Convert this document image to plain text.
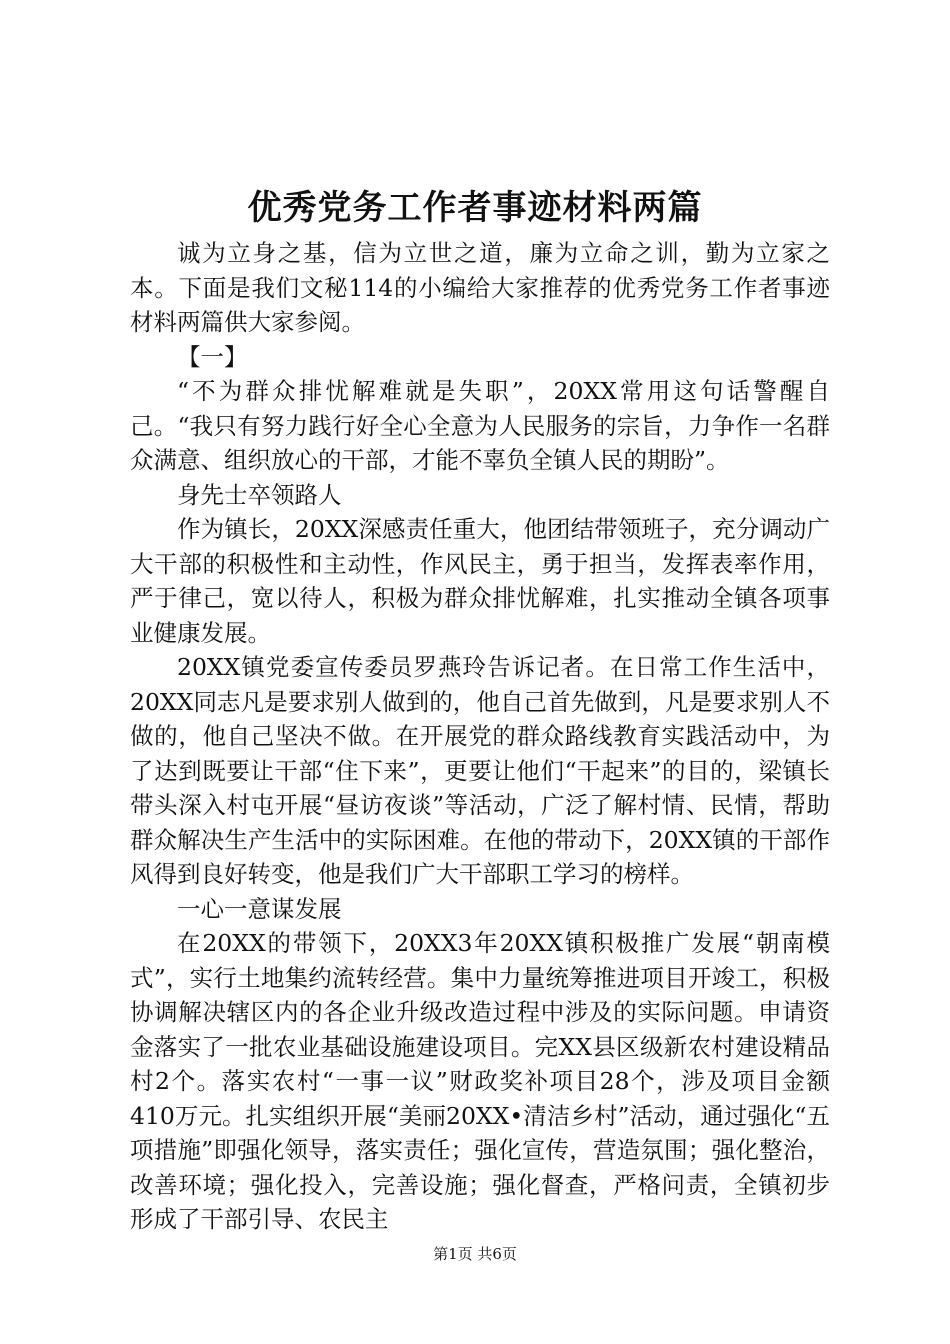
优秀党务工作者事迹材料两篇

诚为立身之基，信为立世之道，廉为立命之训，勤为立家之本。下面是我们文秘114的小编给大家推荐的优秀党务工作者事迹材料两篇供大家参阅。

【一】

“不为群众排忧解难就是失职”，20XX常用这句话警醒自己。“我只有努力践行好全心全意为人民服务的宗旨，力争作一名群众满意、组织放心的干部，才能不辜负全镇人民的期盼”。

身先士卒领路人

作为镇长，20XX深感责任重大，他团结带领班子，充分调动广大干部的积极性和主动性，作风民主，勇于担当，发挥表率作用，严于律己，宽以待人，积极为群众排忧解难，扎实推动全镇各项事业健康发展。

20XX镇党委宣传委员罗燕玲告诉记者。在日常工作生活中，20XX同志凡是要求别人做到的，他自己首先做到，凡是要求别人不做的，他自己坚决不做。在开展党的群众路线教育实践活动中，为了达到既要让干部“住下来”，更要让他们“干起来”的目的，梁镇长带头深入村屯开展“昼访夜谈”等活动，广泛了解村情、民情，帮助群众解决生产生活中的实际困难。在他的带动下，20XX镇的干部作风得到良好转变，他是我们广大干部职工学习的榜样。

一心一意谋发展

在20XX的带领下，20XX3年20XX镇积极推广发展“朝南模式”，实行土地集约流转经营。集中力量统筹推进项目开竣工，积极协调解决辖区内的各企业升级改造过程中涉及的实际问题。申请资金落实了一批农业基础设施建设项目。完XX县区级新农村建设精品村2个。落实农村“一事一议”财政奖补项目28个，涉及项目金额410万元。扎实组织开展“美丽20XX•清洁乡村”活动，通过强化“五项措施”即强化领导，落实责任；强化宣传，营造氛围；强化整治，改善环境；强化投入，完善设施；强化督查，严格问责，全镇初步形成了干部引导、农民主

第1页 共6页
